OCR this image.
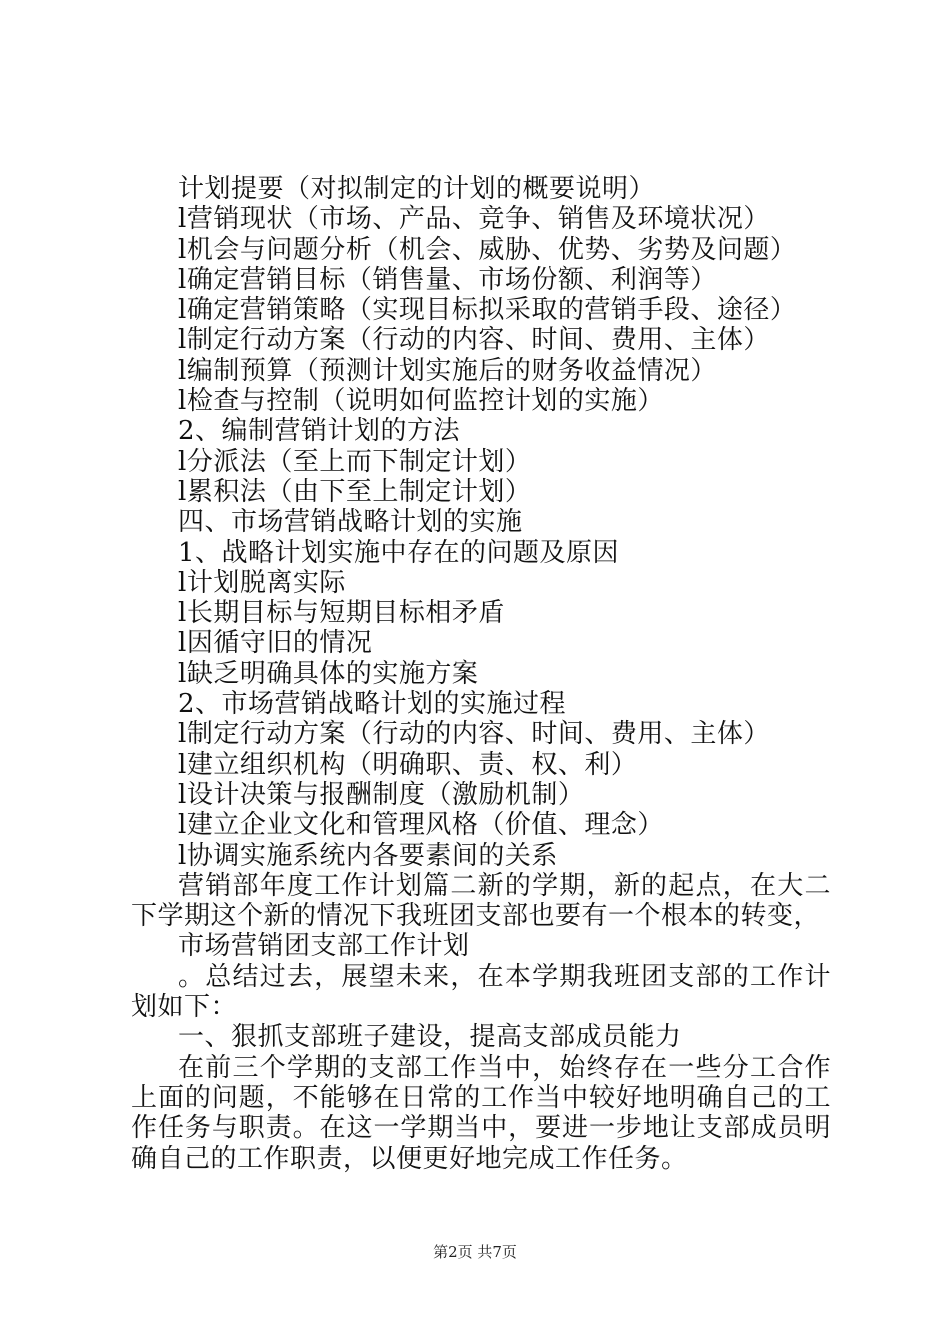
计划提要（对拟制定的计划的概要说明）
l营销现状（市场、产品、竞争、销售及环境状况）
l机会与问题分析（机会、威胁、优势、劣势及问题）
l确定营销目标（销售量、市场份额、利润等）
l确定营销策略（实现目标拟采取的营销手段、途径）
l制定行动方案（行动的内容、时间、费用、主体）
l编制预算（预测计划实施后的财务收益情况）
l检查与控制（说明如何监控计划的实施）
2、编制营销计划的方法
l分派法（至上而下制定计划）
l累积法（由下至上制定计划）
四、市场营销战略计划的实施
1、战略计划实施中存在的问题及原因
l计划脱离实际
l长期目标与短期目标相矛盾
l因循守旧的情况
l缺乏明确具体的实施方案
2、市场营销战略计划的实施过程
l制定行动方案（行动的内容、时间、费用、主体）
l建立组织机构（明确职、责、权、利）
l设计决策与报酬制度（激励机制）
l建立企业文化和管理风格（价值、理念）
l协调实施系统内各要素间的关系
营销部年度工作计划篇二新的学期，新的起点，在大二下学期这个新的情况下我班团支部也要有一个根本的转变，
市场营销团支部工作计划
。总结过去，展望未来，在本学期我班团支部的工作计划如下：
一、狠抓支部班子建设，提高支部成员能力
在前三个学期的支部工作当中，始终存在一些分工合作上面的问题，不能够在日常的工作当中较好地明确自己的工作任务与职责。在这一学期当中，要进一步地让支部成员明确自己的工作职责，以便更好地完成工作任务。
第2页 共7页
